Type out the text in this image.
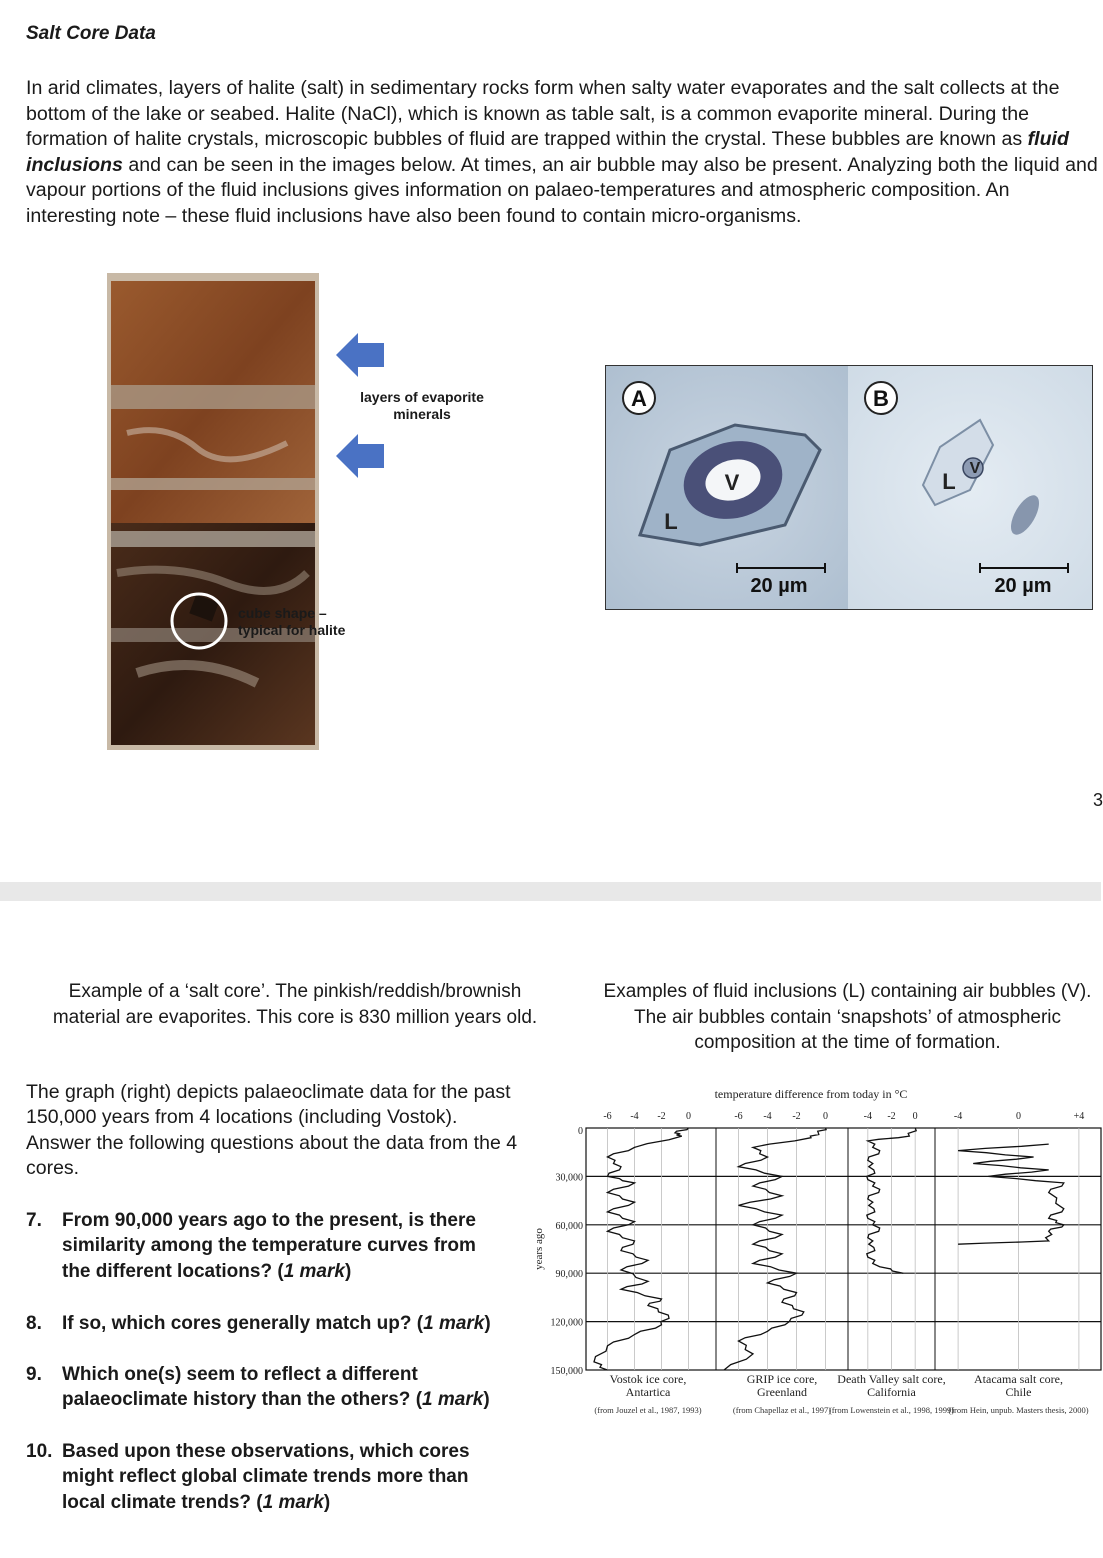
Salt Core Data
In arid climates, layers of halite (salt) in sedimentary rocks form when salty water evaporates and the salt collects at the bottom of the lake or seabed. Halite (NaCl), which is known as table salt, is a common evaporite mineral. During the formation of halite crystals, microscopic bubbles of fluid are trapped within the crystal. These bubbles are known as fluid inclusions and can be seen in the images below. At times, an air bubble may also be present. Analyzing both the liquid and vapour portions of the fluid inclusions gives information on palaeo-temperatures and atmospheric composition. An interesting note – these fluid inclusions have also been found to contain micro-organisms.
layers of evaporite minerals
cube shape –
typical for halite
A	B
V
L
V
L
20 µm	20 µm
3
Example of a ‘salt core’. The pinkish/reddish/brownish material are evaporites. This core is 830 million years old.
Examples of fluid inclusions (L) containing air bubbles (V). The air bubbles contain ‘snapshots’ of atmospheric composition at the time of formation.
The graph (right) depicts palaeoclimate data for the past 150,000 years from 4 locations (including Vostok). Answer the following questions about the data from the 4 cores.
7. From 90,000 years ago to the present, is there similarity among the temperature curves from the different locations? (1 mark)
8. If so, which cores generally match up? (1 mark)
9. Which one(s) seem to reflect a different palaeoclimate history than the others? (1 mark)
10. Based upon these observations, which cores might reflect global climate trends more than local climate trends? (1 mark)
0
30,000
60,000
90,000
120,000
150,000
temperature difference from today in °C
years ago
-6 -4 -2 0
Vostok ice core,
Antartica
(from Jouzel et al., 1987, 1993)
-6 -4 -2 0
GRIP ice core,
Greenland
(from Chapellaz et al., 1997)
-4 -2 0
Death Valley salt core,
California
(from Lowenstein et al., 1998, 1999)
-4	0	+4
Atacama salt core,
Chile
(from Hein, unpub. Masters thesis, 2000)
